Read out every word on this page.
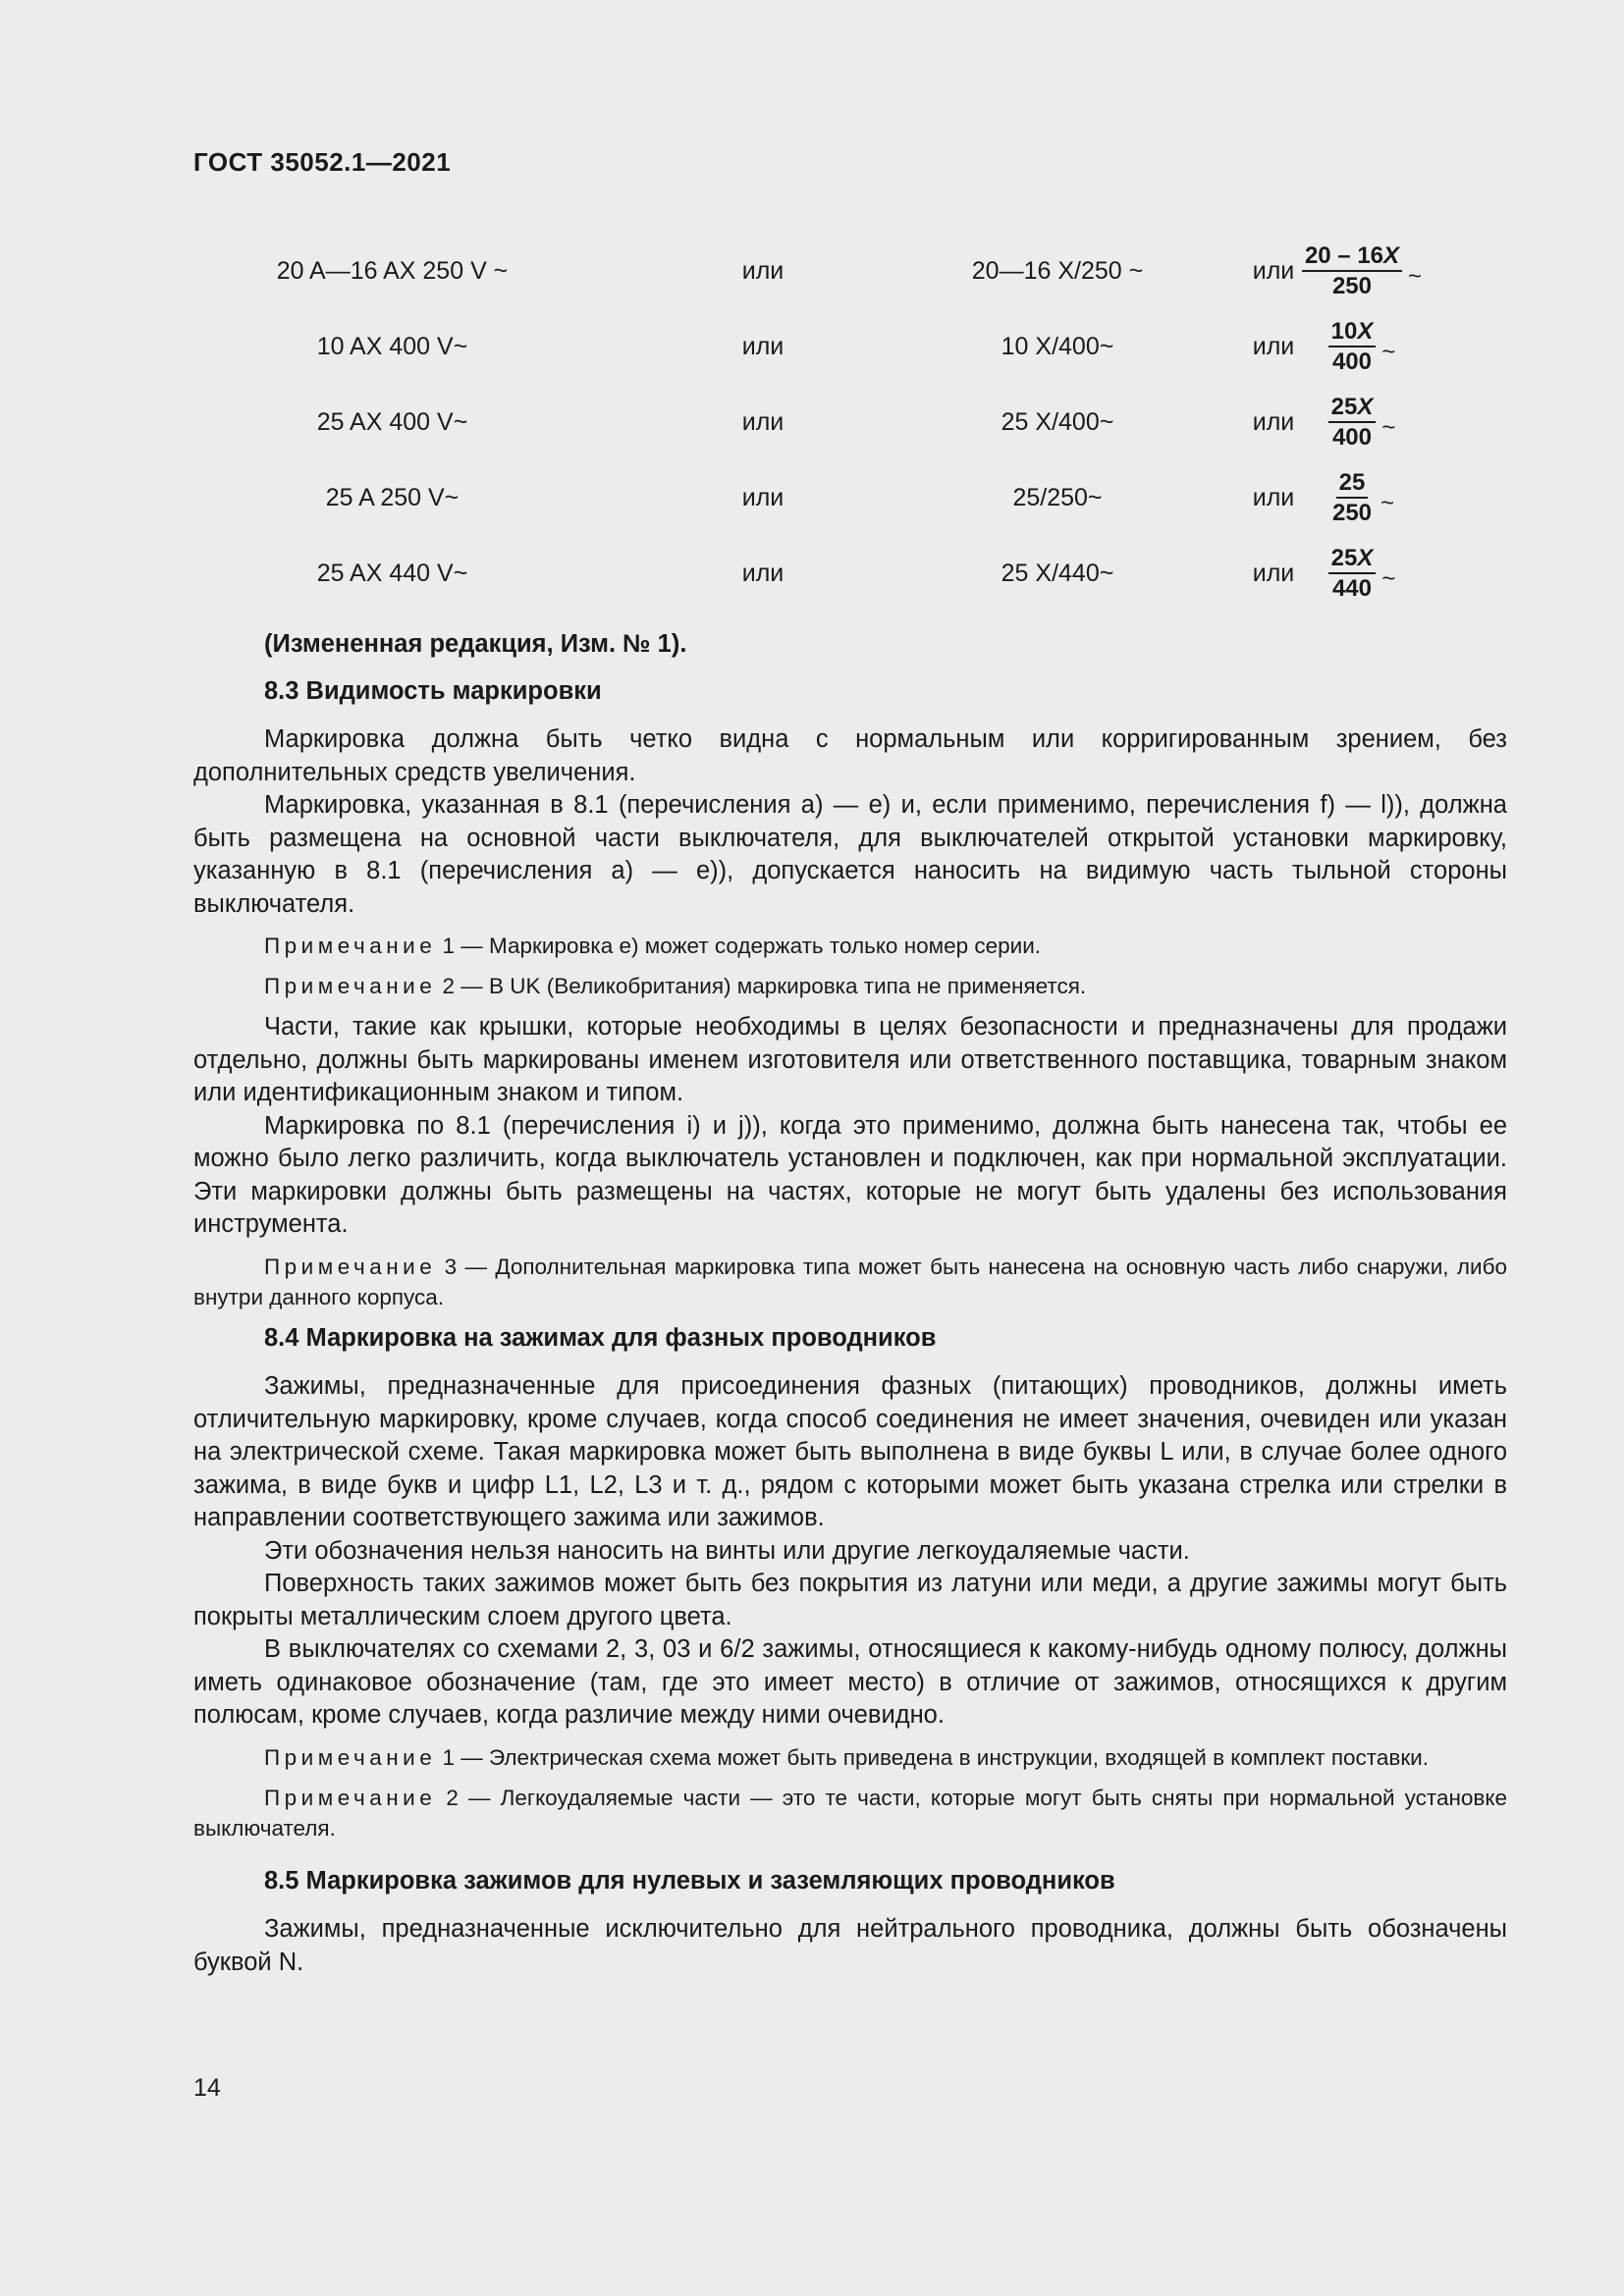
ГОСТ 35052.1—2021
20 A—16 AX 250 V ~	или	20—16 X/250 ~	или $\frac{20 - 16X}{250}$ ~
10 AX 400 V~	или	10 X/400~	или	$\frac{10X}{400}$ ~
25 AX 400 V~	или	25 X/400~	или	$\frac{25X}{400}$ ~
25 A 250 V~	или	25/250~	или	$\frac{25}{250}$ ~
25 AX 440 V~	или	25 X/440~	или	$\frac{25X}{440}$ ~

(Измененная редакция, Изм. № 1).

8.3 Видимость маркировки

Маркировка должна быть четко видна с нормальным или корригированным зрением, без дополнительных средств увеличения.

Маркировка, указанная в 8.1 (перечисления а) — е) и, если применимо, перечисления f) — l)), должна быть размещена на основной части выключателя, для выключателей открытой установки маркировку, указанную в 8.1 (перечисления а) — е)), допускается наносить на видимую часть тыльной стороны выключателя.

Примечание 1 — Маркировка е) может содержать только номер серии.

Примечание 2 — В UK (Великобритания) маркировка типа не применяется.

Части, такие как крышки, которые необходимы в целях безопасности и предназначены для продажи отдельно, должны быть маркированы именем изготовителя или ответственного поставщика, товарным знаком или идентификационным знаком и типом.

Маркировка по 8.1 (перечисления i) и j)), когда это применимо, должна быть нанесена так, чтобы ее можно было легко различить, когда выключатель установлен и подключен, как при нормальной эксплуатации. Эти маркировки должны быть размещены на частях, которые не могут быть удалены без использования инструмента.

Примечание 3 — Дополнительная маркировка типа может быть нанесена на основную часть либо снаружи, либо внутри данного корпуса.

8.4 Маркировка на зажимах для фазных проводников

Зажимы, предназначенные для присоединения фазных (питающих) проводников, должны иметь отличительную маркировку, кроме случаев, когда способ соединения не имеет значения, очевиден или указан на электрической схеме. Такая маркировка может быть выполнена в виде буквы L или, в случае более одного зажима, в виде букв и цифр L1, L2, L3 и т. д., рядом с которыми может быть указана стрелка или стрелки в направлении соответствующего зажима или зажимов.

Эти обозначения нельзя наносить на винты или другие легкоудаляемые части.

Поверхность таких зажимов может быть без покрытия из латуни или меди, а другие зажимы могут быть покрыты металлическим слоем другого цвета.

В выключателях со схемами 2, 3, 03 и 6/2 зажимы, относящиеся к какому-нибудь одному полюсу, должны иметь одинаковое обозначение (там, где это имеет место) в отличие от зажимов, относящихся к другим полюсам, кроме случаев, когда различие между ними очевидно.

Примечание 1 — Электрическая схема может быть приведена в инструкции, входящей в комплект поставки.

Примечание 2 — Легкоудаляемые части — это те части, которые могут быть сняты при нормальной установке выключателя.

8.5 Маркировка зажимов для нулевых и заземляющих проводников

Зажимы, предназначенные исключительно для нейтрального проводника, должны быть обозначены буквой N.

14
